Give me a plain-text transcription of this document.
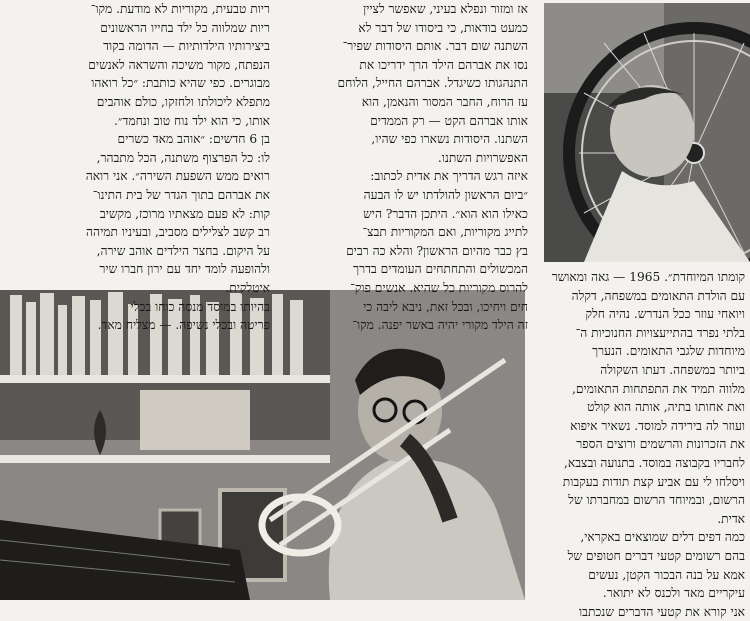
קומתו המיוחדת״. 1965 — גאה ומאושר
עם הולדת התאומים במשפחה, דקלה
ויואחי עוזר ככל הנדרש. נהיה חלק
בלתי נפרד בהתייעצויות החנוכיות ה־
מיוחדות שלגבי התאומים. הנערך
ביותר במשפחה. דעתו השקולה
מלווה תמיד את התפתחות התאומים,
ואת אחותו בתיה, אותה הוא קולט
ועוזר לה בירידה למוסד. נשאיר איפוא
את הזכרונות והרשמים ורוצים הספר
לחבריו בקבוצה במוסד. בתנועה ובצבא,
ויסלחו לי עם אביע קצת תודות בעקבות
הרשום, ובמיוחד הרשום במחברתו של
אדית.
כמה דפים דלים שמוצאים באקראי,
בהם רשומים קטעי דברים חטופים של
אמא על בנה הבכור הקטן, נעשים
עיקריים מאד ולכנס לא יתואר.
אני קורא את קטעי הדברים שנכתבו

אז ומזור ונפלא בעיני, שאפשר לציין
כמעט בודאות, כי ביסודו של דבר לא
השתנה שום דבר. אותם היסודות שפיר־
נסו את אברהם הילד הרך ידריכו את
התנהגותו כשיגדל. אברהם החייל, הלוחם
עז הרוח, החבר המסור והנאמן, הוא
אותו אברהם הקט — רק הממדים
השתנו. היסודות נשארו כפי שהיו,
האפשרויות השתנו.
איזה רגש הדריך את אדית לכתוב:
״ביום הראשון להולדתו יש לו הבעה
כאילו הוא הוא״. היתכן הדבר? היש
לתייג מקוריות, ואם המקוריות תבצ־
בץ כבר מהיום הראשון? והלא כה רבים
המכשולים והתחתחים העומדים בדרך
להרוס מקוריות כל שהיא. אנשים פוק־
חים ויחיכו, ובכל זאת, ניבא ליבה כי
זה הילד מקורי יהיה באשר יפנה. מקו־

ריות טבעית, מקוריות לא מודעת. מקו־
ריות שמלווה כל ילד בחייו הראשונים
ביצירותיו הילדותיות — הדומה בקוד
הנפתח, מקור משיכה והשראה לאנשים
מבוגרים. כפי שהיא כותבת: ״כל רואהו
מתפלא ליכולתו ולחזקו, כולם אוהבים
אותו, כי הוא ילד נוח טוב ונחמד״.
בן 6 חדשים: ״אוהב מאד כשרים
לו: כל הפרצוף משתנה, הכל מתבהר,
רואים ממש השפעת השירה״. אני רואה
את אברהם בתוך הגדר של בית התינו־
קות: לא פעם מצאתיו מרוכז, מקשיב
רב קשב לצלילים מסביב, ובעיניו תמיהה
על היקום. בחצר הילדים אוהב שירה,
ולהופעה לומד יחד עם ירון חברו שיר
איטלקית.
בהיותו במוסד מנסה כוחו בכלי
פריטה ובכלי נשיפה. — מצליח מאד.
